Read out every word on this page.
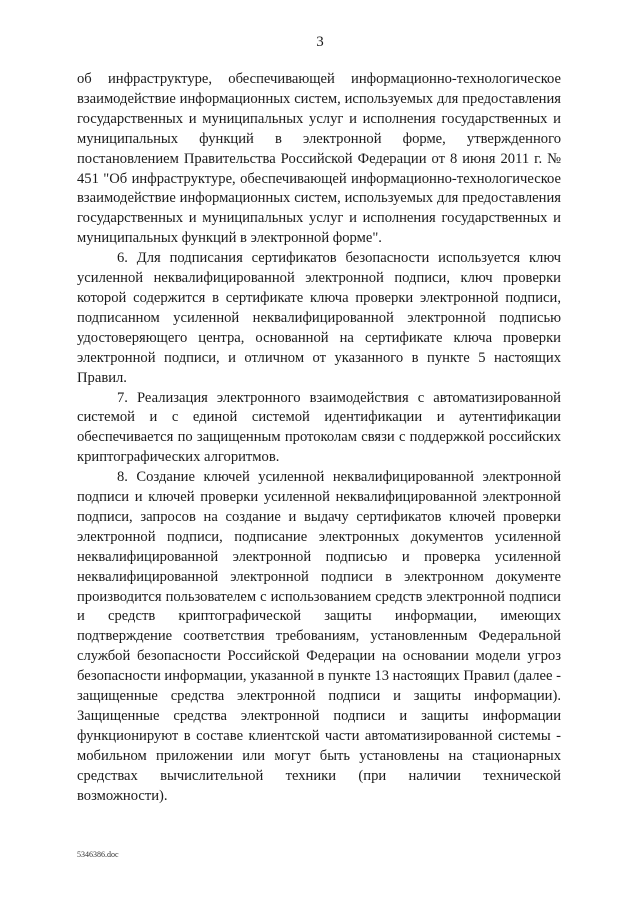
3

об инфраструктуре, обеспечивающей информационно-технологическое взаимодействие информационных систем, используемых для предоставления государственных и муниципальных услуг и исполнения государственных и муниципальных функций в электронной форме, утвержденного постановлением Правительства Российской Федерации от 8 июня 2011 г. № 451 "Об инфраструктуре, обеспечивающей информационно-технологическое взаимодействие информационных систем, используемых для предоставления государственных и муниципальных услуг и исполнения государственных и муниципальных функций в электронной форме".

6. Для подписания сертификатов безопасности используется ключ усиленной неквалифицированной электронной подписи, ключ проверки которой содержится в сертификате ключа проверки электронной подписи, подписанном усиленной неквалифицированной электронной подписью удостоверяющего центра, основанной на сертификате ключа проверки электронной подписи, и отличном от указанного в пункте 5 настоящих Правил.

7. Реализация электронного взаимодействия с автоматизированной системой и с единой системой идентификации и аутентификации обеспечивается по защищенным протоколам связи с поддержкой российских криптографических алгоритмов.

8. Создание ключей усиленной неквалифицированной электронной подписи и ключей проверки усиленной неквалифицированной электронной подписи, запросов на создание и выдачу сертификатов ключей проверки электронной подписи, подписание электронных документов усиленной неквалифицированной электронной подписью и проверка усиленной неквалифицированной электронной подписи в электронном документе производится пользователем с использованием средств электронной подписи и средств криптографической защиты информации, имеющих подтверждение соответствия требованиям, установленным Федеральной службой безопасности Российской Федерации на основании модели угроз безопасности информации, указанной в пункте 13 настоящих Правил (далее - защищенные средства электронной подписи и защиты информации). Защищенные средства электронной подписи и защиты информации функционируют в составе клиентской части автоматизированной системы - мобильном приложении или могут быть установлены на стационарных средствах вычислительной техники (при наличии технической возможности).

5346386.doc
